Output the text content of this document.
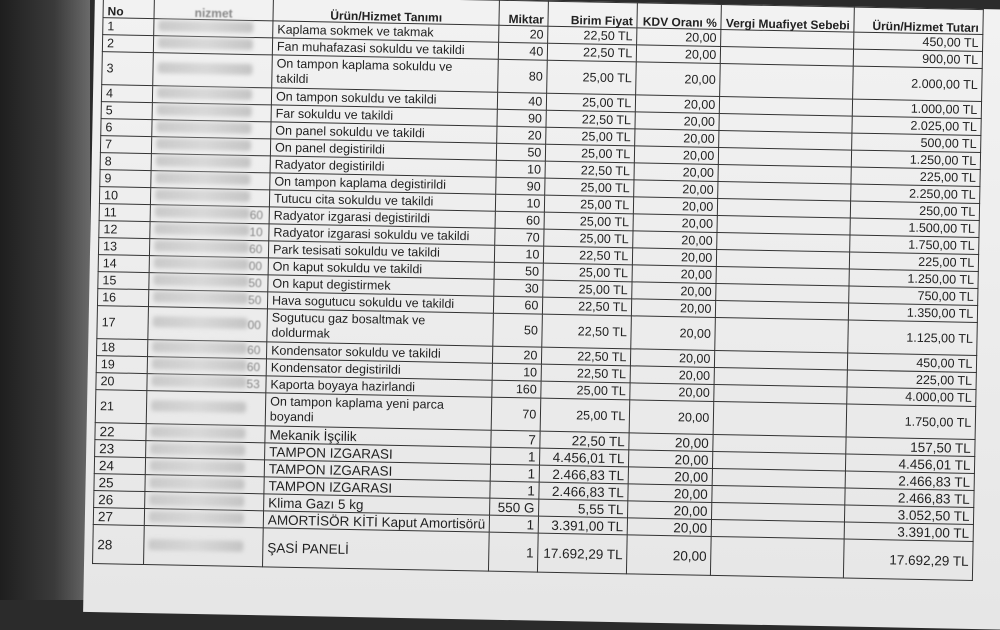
No	nizmet	Ürün/Hizmet Tanımı	Miktar	Birim Fiyat	KDV Oranı %	Vergi Muafiyet Sebebi	Ürün/Hizmet Tutarı
1		Kaplama sokmek ve takmak	20	22,50 TL	20,00		450,00 TL
2		Fan muhafazasi sokuldu ve takildi	40	22,50 TL	20,00		900,00 TL
3		On tampon kaplama sokuldu ve takildi	80	25,00 TL	20,00		2.000,00 TL
4		On tampon sokuldu ve takildi	40	25,00 TL	20,00		1.000,00 TL
5		Far sokuldu ve takildi	90	22,50 TL	20,00		2.025,00 TL
6		On panel sokuldu ve takildi	20	25,00 TL	20,00		500,00 TL
7		On panel degistirildi	50	25,00 TL	20,00		1.250,00 TL
8		Radyator degistirildi	10	22,50 TL	20,00		225,00 TL
9		On tampon kaplama degistirildi	90	25,00 TL	20,00		2.250,00 TL
10		Tutucu cita sokuldu ve takildi	10	25,00 TL	20,00		250,00 TL
11	60	Radyator izgarasi degistirildi	60	25,00 TL	20,00		1.500,00 TL
12	10	Radyator izgarasi sokuldu ve takildi	70	25,00 TL	20,00		1.750,00 TL
13	60	Park tesisati sokuldu ve takildi	10	22,50 TL	20,00		225,00 TL
14	00	On kaput sokuldu ve takildi	50	25,00 TL	20,00		1.250,00 TL
15	50	On kaput degistirmek	30	25,00 TL	20,00		750,00 TL
16	50	Hava sogutucu sokuldu ve takildi	60	22,50 TL	20,00		1.350,00 TL
17	00	Sogutucu gaz bosaltmak ve doldurmak	50	22,50 TL	20,00		1.125,00 TL
18	60	Kondensator sokuldu ve takildi	20	22,50 TL	20,00		450,00 TL
19	60	Kondensator degistirildi	10	22,50 TL	20,00		225,00 TL
20	53	Kaporta boyaya hazirlandi	160	25,00 TL	20,00		4.000,00 TL
21		On tampon kaplama yeni parca boyandi	70	25,00 TL	20,00		1.750,00 TL
22		Mekanik İşçilik	7	22,50 TL	20,00		157,50 TL
23		TAMPON IZGARASI	1	4.456,01 TL	20,00		4.456,01 TL
24		TAMPON IZGARASI	1	2.466,83 TL	20,00		2.466,83 TL
25		TAMPON IZGARASI	1	2.466,83 TL	20,00		2.466,83 TL
26		Klima Gazı 5 kg	550 G	5,55 TL	20,00		3.052,50 TL
27		AMORTİSÖR KİTİ Kaput Amortisörü	1	3.391,00 TL	20,00		3.391,00 TL
28		ŞASİ PANELİ	1	17.692,29 TL	20,00		17.692,29 TL
